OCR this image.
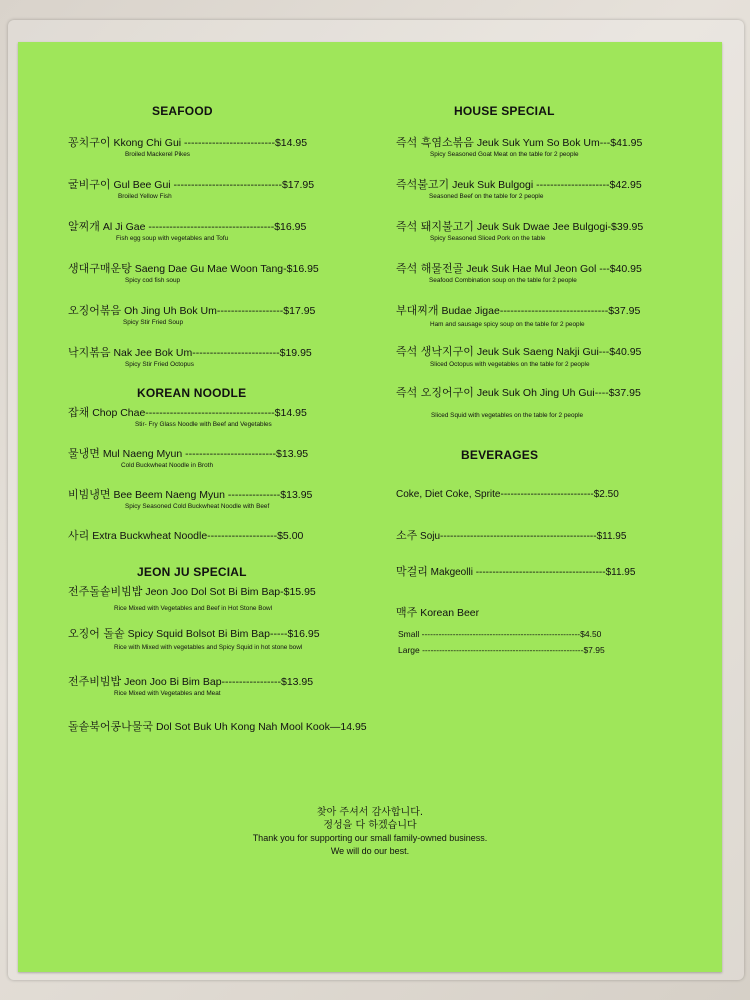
SEAFOOD
꽁치구이 Kkong Chi Gui --------------------------$14.95
Broiled Mackerel Pikes
굴비구이 Gul Bee Gui -------------------------------$17.95
Broiled Yellow Fish
알찌개 Al Ji Gae ------------------------------------$16.95
Fish egg soup with vegetables and Tofu
생대구매운탕 Saeng Dae Gu Mae Woon Tang-$16.95
Spicy cod fish soup
오징어볶음 Oh Jing Uh Bok Um-------------------$17.95
Spicy Stir Fried Soup
낙지볶음 Nak Jee Bok Um-------------------------$19.95
Spicy Stir Fried Octopus
KOREAN NOODLE
잡채 Chop Chae-------------------------------------$14.95
Stir- Fry Glass Noodle with Beef and Vegetables
물냉면 Mul Naeng Myun --------------------------$13.95
Cold Buckwheat Noodle in Broth
비빔냉면 Bee Beem Naeng Myun ---------------$13.95
Spicy Seasoned Cold Buckwheat Noodle with Beef
사리 Extra Buckwheat Noodle--------------------$5.00
JEON JU SPECIAL
전주돌솥비빔밥 Jeon Joo Dol Sot Bi Bim Bap-$15.95
Rice Mixed with Vegetables and Beef in Hot Stone Bowl
오징어 돌솥 Spicy Squid Bolsot Bi Bim Bap-----$16.95
Rice with Mixed with vegetables and Spicy Squid in hot stone bowl
전주비빔밥 Jeon Joo Bi Bim Bap-----------------$13.95
Rice Mixed with Vegetables and Meat
돌솥북어콩나물국 Dol Sot Buk Uh Kong Nah Mool Kook—14.95
HOUSE SPECIAL
즉석 흑염소볶음 Jeuk Suk Yum So Bok Um---$41.95
Spicy Seasoned Goat Meat on the table for 2 people
즉석불고기 Jeuk Suk Bulgogi ---------------------$42.95
Seasoned Beef on the table for 2 people
즉석 돼지불고기 Jeuk Suk Dwae Jee Bulgogi-$39.95
Spicy Seasoned Sliced Pork on the table
즉석 해물전골 Jeuk Suk Hae Mul Jeon Gol ---$40.95
Seafood Combination soup on the table for 2 people
부대찌개 Budae Jigae-------------------------------$37.95
Ham and sausage spicy soup on the table for 2 people
즉석 생낙지구이 Jeuk Suk Saeng Nakji Gui---$40.95
Sliced Octopus with vegetables on the table for 2 people
즉석 오징어구이 Jeuk Suk Oh Jing Uh Gui----$37.95
Sliced Squid with vegetables on the table for 2 people
BEVERAGES
Coke, Diet Coke, Sprite----------------------------$2.50
소주 Soju-----------------------------------------------$11.95
막걸리 Makgeolli ---------------------------------------$11.95
맥주 Korean Beer
Small --------------------------------------------------------$4.50
Large ---------------------------------------------------------$7.95
찾아 주셔서 감사합니다.
정성을 다 하겠습니다
Thank you for supporting our small family-owned business.
We will do our best.
